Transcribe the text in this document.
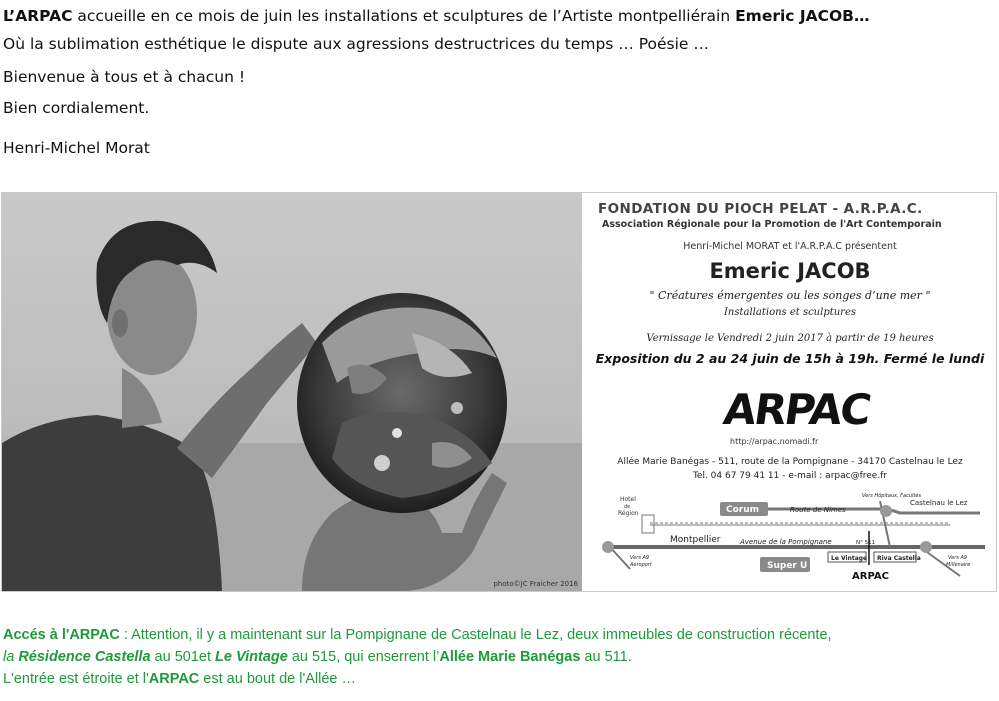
L’ARPAC accueille en ce mois de juin les installations et sculptures de l’Artiste montpelliérain Emeric JACOB…

Où la sublimation esthétique le dispute aux agressions destructrices du temps … Poésie …

Bienvenue à tous et à chacun !

Bien cordialement.

Henri-Michel Morat

photo©JC Fraicher 2016
FONDATION DU PIOCH PELAT - A.R.P.A.C.
Association Régionale pour la Promotion de l'Art Contemporain
Henri-Michel MORAT et l'A.R.P.A.C présentent
Emeric JACOB
" Créatures émergentes ou les songes d’une mer "
Installations et sculptures
Vernissage le Vendredi 2 juin 2017 à partir de 19 heures
Exposition du 2 au 24 juin de 15h à 19h. Fermé le lundi
ARPAC
http://arpac.nomadi.fr
Allée Marie Banégas - 511, route de la Pompignane - 34170 Castelnau le Lez
Tel. 04 67 79 41 11 - e-mail : arpac@free.fr
Hotel
de
Région	Corum	Route de Nimes
Castelnau le Lez
Vers Hôpitaux, Facultés
Montpellier	Avenue de la Pompignane	N° 511
Vers A9
Aéroport	Super U
Le Vintage Riva Castella
ARPAC
Vers A9
Millénaire

Accés à l'ARPAC : Attention, il y a maintenant sur la Pompignane de Castelnau le Lez, deux immeubles de construction récente,

la Résidence Castella au 501et Le Vintage au 515, qui enserrent l’Allée Marie Banégas au 511.

L'entrée est étroite et l'ARPAC est au bout de l'Allée …
